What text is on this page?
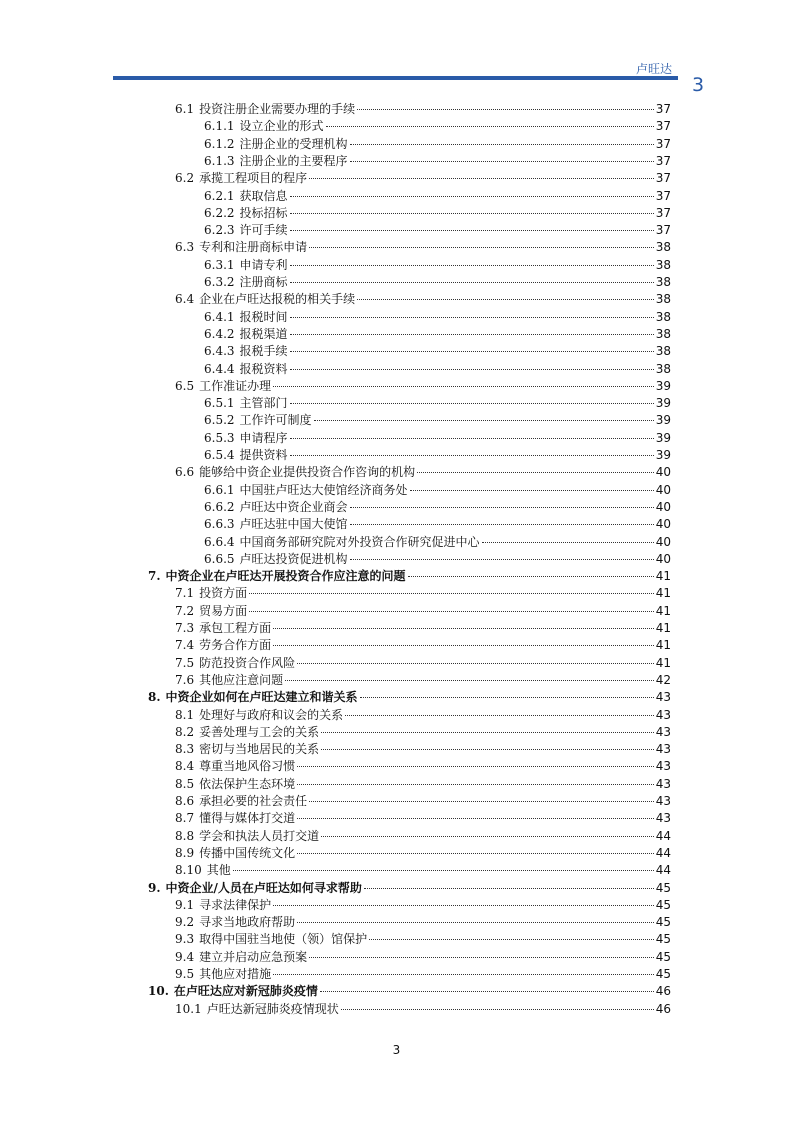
卢旺达
3
6.1 投资注册企业需要办理的手续	37
6.1.1 设立企业的形式	37
6.1.2 注册企业的受理机构	37
6.1.3 注册企业的主要程序	37
6.2 承揽工程项目的程序	37
6.2.1 获取信息	37
6.2.2 投标招标	37
6.2.3 许可手续	37
6.3 专利和注册商标申请	38
6.3.1 申请专利	38
6.3.2 注册商标	38
6.4 企业在卢旺达报税的相关手续	38
6.4.1 报税时间	38
6.4.2 报税渠道	38
6.4.3 报税手续	38
6.4.4 报税资料	38
6.5 工作准证办理	39
6.5.1 主管部门	39
6.5.2 工作许可制度	39
6.5.3 申请程序	39
6.5.4 提供资料	39
6.6 能够给中资企业提供投资合作咨询的机构	40
6.6.1 中国驻卢旺达大使馆经济商务处	40
6.6.2 卢旺达中资企业商会	40
6.6.3 卢旺达驻中国大使馆	40
6.6.4 中国商务部研究院对外投资合作研究促进中心	40
6.6.5 卢旺达投资促进机构	40
7. 中资企业在卢旺达开展投资合作应注意的问题	41
7.1 投资方面	41
7.2 贸易方面	41
7.3 承包工程方面	41
7.4 劳务合作方面	41
7.5 防范投资合作风险	41
7.6 其他应注意问题	42
8. 中资企业如何在卢旺达建立和谐关系	43
8.1 处理好与政府和议会的关系	43
8.2 妥善处理与工会的关系	43
8.3 密切与当地居民的关系	43
8.4 尊重当地风俗习惯	43
8.5 依法保护生态环境	43
8.6 承担必要的社会责任	43
8.7 懂得与媒体打交道	43
8.8 学会和执法人员打交道	44
8.9 传播中国传统文化	44
8.10 其他	44
9. 中资企业/人员在卢旺达如何寻求帮助	45
9.1 寻求法律保护	45
9.2 寻求当地政府帮助	45
9.3 取得中国驻当地使（领）馆保护	45
9.4 建立并启动应急预案	45
9.5 其他应对措施	45
10. 在卢旺达应对新冠肺炎疫情	46
10.1 卢旺达新冠肺炎疫情现状	46
3
